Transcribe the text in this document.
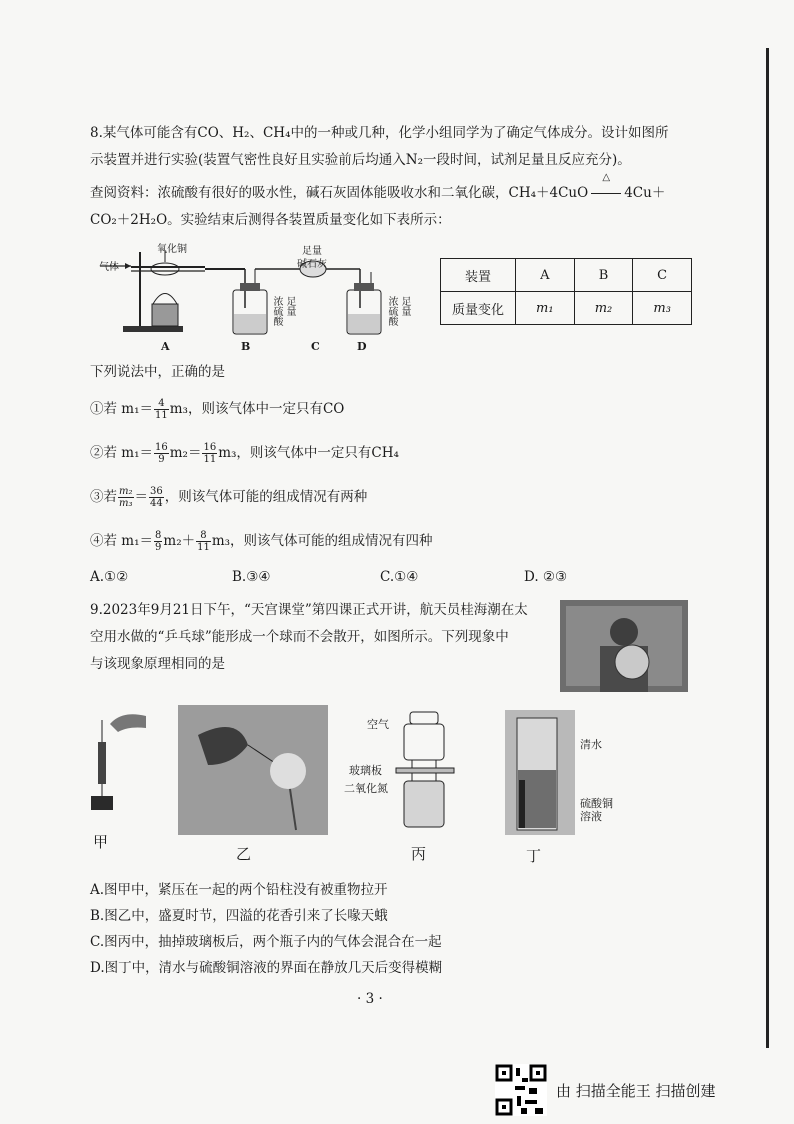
8.某气体可能含有CO、H₂、CH₄中的一种或几种，化学小组同学为了确定气体成分。设计如图所
示装置并进行实验(装置气密性良好且实验前后均通入N₂一段时间，试剂足量且反应充分)。
查阅资料：浓硫酸有很好的吸水性，碱石灰固体能吸收水和二氧化碳，CH₄＋4CuO
△
4Cu＋
CO₂＋2H₂O。实验结束后测得各装置质量变化如下表所示：
气体
氧化铜	足量
碱石灰
浓硫酸 足量	浓硫酸 足量
A	B	C	D
装置	A	B	C
质量变化	m₁	m₂	m₃
下列说法中，正确的是
①若 $m_1= \frac{4}{11} m_3$，则该气体中一定只有CO
②若 $m_1= \frac{16}{9} m_2= \frac{16}{11} m_3$，则该气体中一定只有CH₄
③若 $\frac{\text{m₂}}{\text{m₃}} = \frac{36}{44}$ ，则该气体可能的组成情况有两种
④若 $m_1= \frac{8}{9} m_2+ \frac{8}{11} m_3$，则该气体可能的组成情况有四种
A.①②	B.③④	C.①④	D. ②③
9.2023年9月21日下午，“天宫课堂”第四课正式开讲，航天员桂海潮在太
空用水做的“乒乓球”能形成一个球而不会散开，如图所示。下列现象中
与该现象原理相同的是
甲
乙
空气
玻璃板
二氧化氮
丙
清水
硫酸铜
溶液
丁
A.图甲中，紧压在一起的两个铅柱没有被重物拉开
B.图乙中，盛夏时节，四溢的花香引来了长喙天蛾
C.图丙中，抽掉玻璃板后，两个瓶子内的气体会混合在一起
D.图丁中，清水与硫酸铜溶液的界面在静放几天后变得模糊
· 3 ·
由 扫描全能王 扫描创建
